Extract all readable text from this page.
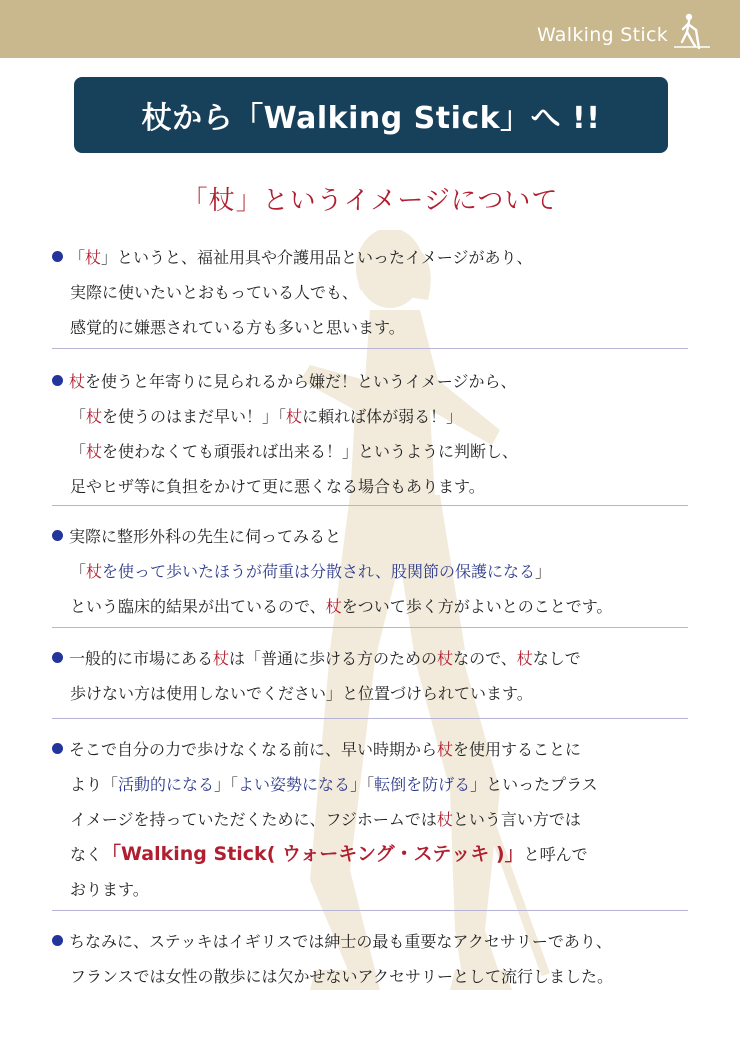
Walking Stick
杖から「Walking Stick」へ !!
「杖」というイメージについて
「杖」というと、福祉用具や介護用品といったイメージがあり、
実際に使いたいとおもっている人でも、
感覚的に嫌悪されている方も多いと思います。
杖を使うと年寄りに見られるから嫌だ！というイメージから、
「杖を使うのはまだ早い！」「杖に頼れば体が弱る！」
「杖を使わなくても頑張れば出来る！」というように判断し、
足やヒザ等に負担をかけて更に悪くなる場合もあります。
実際に整形外科の先生に伺ってみると
「杖を使って歩いたほうが荷重は分散され、股関節の保護になる」
という臨床的結果が出ているので、杖をついて歩く方がよいとのことです。
一般的に市場にある杖は「普通に歩ける方のための杖なので、杖なしで
歩けない方は使用しないでください」と位置づけられています。
そこで自分の力で歩けなくなる前に、早い時期から杖を使用することに
より「活動的になる」「よい姿勢になる」「転倒を防げる」といったプラス
イメージを持っていただくために、フジホームでは杖という言い方では
なく「Walking Stick( ウォーキング・ステッキ )」と呼んで
おります。
ちなみに、ステッキはイギリスでは紳士の最も重要なアクセサリーであり、
フランスでは女性の散歩には欠かせないアクセサリーとして流行しました。
